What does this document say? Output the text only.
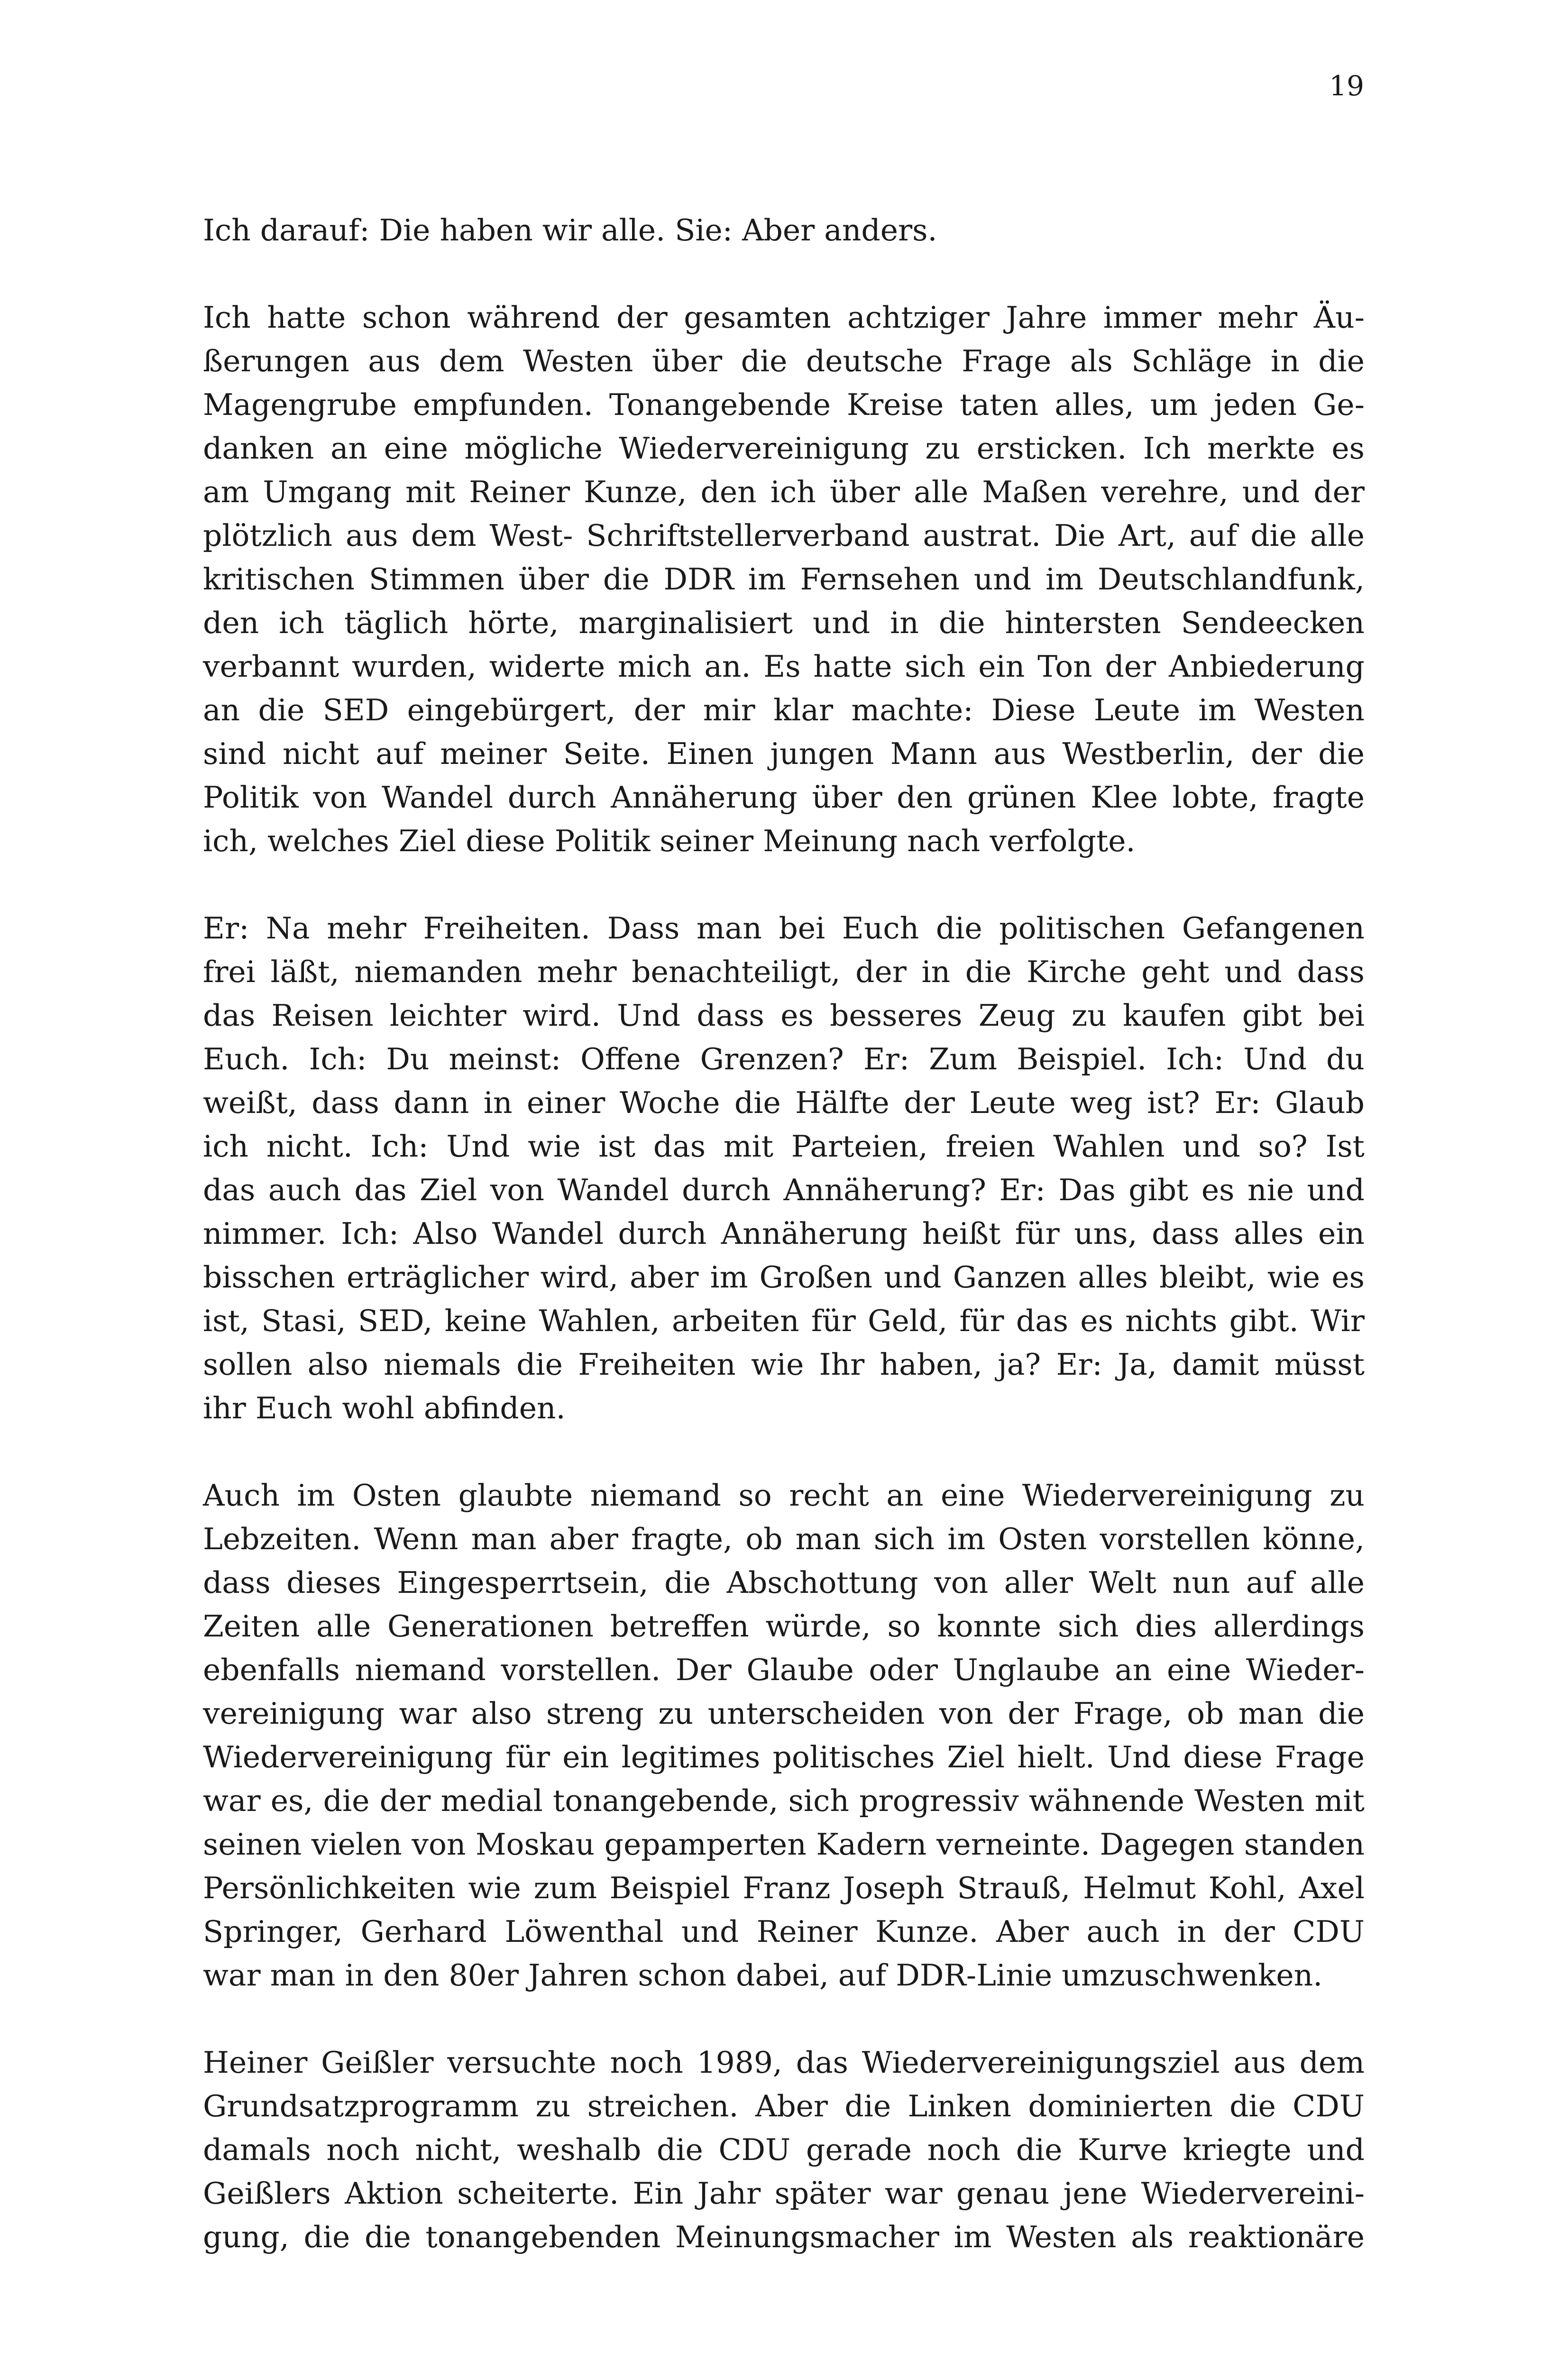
19
Ich darauf: Die haben wir alle. Sie: Aber anders.
Ich hatte schon während der gesamten achtziger Jahre immer mehr Äu-
ßerungen aus dem Westen über die deutsche Frage als Schläge in die
Magengrube empfunden. Tonangebende Kreise taten alles, um jeden Ge-
danken an eine mögliche Wiedervereinigung zu ersticken. Ich merkte es
am Umgang mit Reiner Kunze, den ich über alle Maßen verehre, und der
plötzlich aus dem West- Schriftstellerverband austrat. Die Art, auf die alle
kritischen Stimmen über die DDR im Fernsehen und im Deutschlandfunk,
den ich täglich hörte, marginalisiert und in die hintersten Sendeecken
verbannt wurden, widerte mich an. Es hatte sich ein Ton der Anbiederung
an die SED eingebürgert, der mir klar machte: Diese Leute im Westen
sind nicht auf meiner Seite. Einen jungen Mann aus Westberlin, der die
Politik von Wandel durch Annäherung über den grünen Klee lobte, fragte
ich, welches Ziel diese Politik seiner Meinung nach verfolgte.
Er: Na mehr Freiheiten. Dass man bei Euch die politischen Gefangenen
frei läßt, niemanden mehr benachteiligt, der in die Kirche geht und dass
das Reisen leichter wird. Und dass es besseres Zeug zu kaufen gibt bei
Euch. Ich: Du meinst: Offene Grenzen? Er: Zum Beispiel. Ich: Und du
weißt, dass dann in einer Woche die Hälfte der Leute weg ist? Er: Glaub
ich nicht. Ich: Und wie ist das mit Parteien, freien Wahlen und so? Ist
das auch das Ziel von Wandel durch Annäherung? Er: Das gibt es nie und
nimmer. Ich: Also Wandel durch Annäherung heißt für uns, dass alles ein
bisschen erträglicher wird, aber im Großen und Ganzen alles bleibt, wie es
ist, Stasi, SED, keine Wahlen, arbeiten für Geld, für das es nichts gibt. Wir
sollen also niemals die Freiheiten wie Ihr haben, ja? Er: Ja, damit müsst
ihr Euch wohl abfinden.
Auch im Osten glaubte niemand so recht an eine Wiedervereinigung zu
Lebzeiten. Wenn man aber fragte, ob man sich im Osten vorstellen könne,
dass dieses Eingesperrtsein, die Abschottung von aller Welt nun auf alle
Zeiten alle Generationen betreffen würde, so konnte sich dies allerdings
ebenfalls niemand vorstellen. Der Glaube oder Unglaube an eine Wieder-
vereinigung war also streng zu unterscheiden von der Frage, ob man die
Wiedervereinigung für ein legitimes politisches Ziel hielt. Und diese Frage
war es, die der medial tonangebende, sich progressiv wähnende Westen mit
seinen vielen von Moskau gepamperten Kadern verneinte. Dagegen standen
Persönlichkeiten wie zum Beispiel Franz Joseph Strauß, Helmut Kohl, Axel
Springer, Gerhard Löwenthal und Reiner Kunze. Aber auch in der CDU
war man in den 80er Jahren schon dabei, auf DDR-Linie umzuschwenken.
Heiner Geißler versuchte noch 1989, das Wiedervereinigungsziel aus dem
Grundsatzprogramm zu streichen. Aber die Linken dominierten die CDU
damals noch nicht, weshalb die CDU gerade noch die Kurve kriegte und
Geißlers Aktion scheiterte. Ein Jahr später war genau jene Wiedervereini-
gung, die die tonangebenden Meinungsmacher im Westen als reaktionäre
